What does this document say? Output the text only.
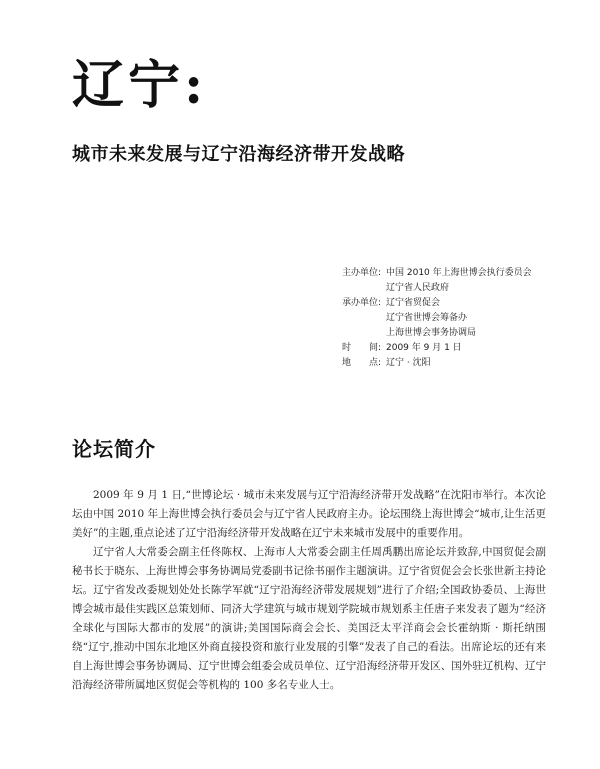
辽宁:
城市未来发展与辽宁沿海经济带开发战略
主办单位: 中国 2010 年上海世博会执行委员会
辽宁省人民政府
承办单位: 辽宁省贸促会
辽宁省世博会筹备办
上海世博会事务协调局
时　　间: 2009 年 9 月 1 日
地　　点: 辽宁 · 沈阳
论坛简介

2009 年 9 月 1 日,“世博论坛 · 城市未来发展与辽宁沿海经济带开发战略”在沈阳市举行。本次论坛由中国 2010 年上海世博会执行委员会与辽宁省人民政府主办。论坛围绕上海世博会“城市,让生活更美好”的主题,重点论述了辽宁沿海经济带开发战略在辽宁未来城市发展中的重要作用。

辽宁省人大常委会副主任佟陈权、上海市人大常委会副主任周禹鹏出席论坛并致辞,中国贸促会副秘书长于晓东、上海世博会事务协调局党委副书记徐书丽作主题演讲。辽宁省贸促会会长张世新主持论坛。辽宁省发改委规划处处长陈学军就“辽宁沿海经济带发展规划”进行了介绍;全国政协委员、上海世博会城市最佳实践区总策划师、同济大学建筑与城市规划学院城市规划系主任唐子来发表了题为“经济全球化与国际大都市的发展”的演讲;美国国际商会会长、美国泛太平洋商会会长霍纳斯 · 斯托纳围绕“辽宁,推动中国东北地区外商直接投资和旅行业发展的引擎”发表了自己的看法。出席论坛的还有来自上海世博会事务协调局、辽宁世博会组委会成员单位、辽宁沿海经济带开发区、国外驻辽机构、辽宁沿海经济带所属地区贸促会等机构的 100 多名专业人士。
